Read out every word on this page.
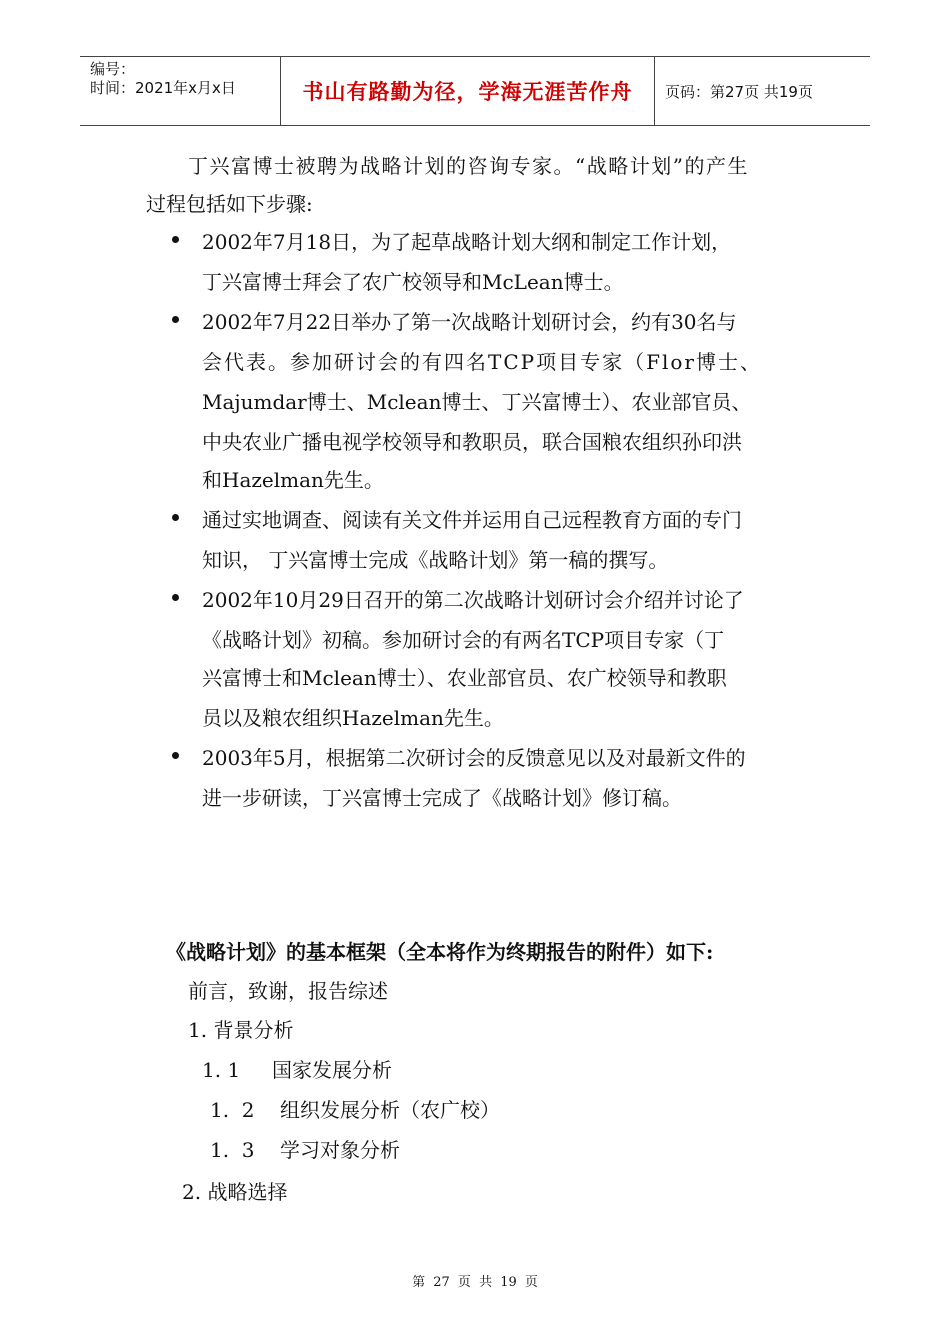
编号：
时间：2021年x月x日	书山有路勤为径，学海无涯苦作舟	页码：第27页 共19页
丁兴富博士被聘为战略计划的咨询专家。“战略计划”的产生
过程包括如下步骤:
2002年7月18日，为了起草战略计划大纲和制定工作计划，
丁兴富博士拜会了农广校领导和McLean博士。
2002年7月22日举办了第一次战略计划研讨会，约有30名与
会代表。参加研讨会的有四名TCP项目专家（Flor博士、
Majumdar博士、Mclean博士、丁兴富博士）、农业部官员、
中央农业广播电视学校领导和教职员，联合国粮农组织孙印洪
和Hazelman先生。
通过实地调查、阅读有关文件并运用自己远程教育方面的专门
知识， 丁兴富博士完成《战略计划》第一稿的撰写。
2002年10月29日召开的第二次战略计划研讨会介绍并讨论了
《战略计划》初稿。参加研讨会的有两名TCP项目专家（丁
兴富博士和Mclean博士）、农业部官员、农广校领导和教职
员以及粮农组织Hazelman先生。
2003年5月，根据第二次研讨会的反馈意见以及对最新文件的
进一步研读，丁兴富博士完成了《战略计划》修订稿。
《战略计划》的基本框架（全本将作为终期报告的附件）如下:
前言，致谢，报告综述
1. 背景分析
1. 1     国家发展分析
1.  2    组织发展分析（农广校）
1.  3    学习对象分析
2. 战略选择
第 27 页 共 19 页
